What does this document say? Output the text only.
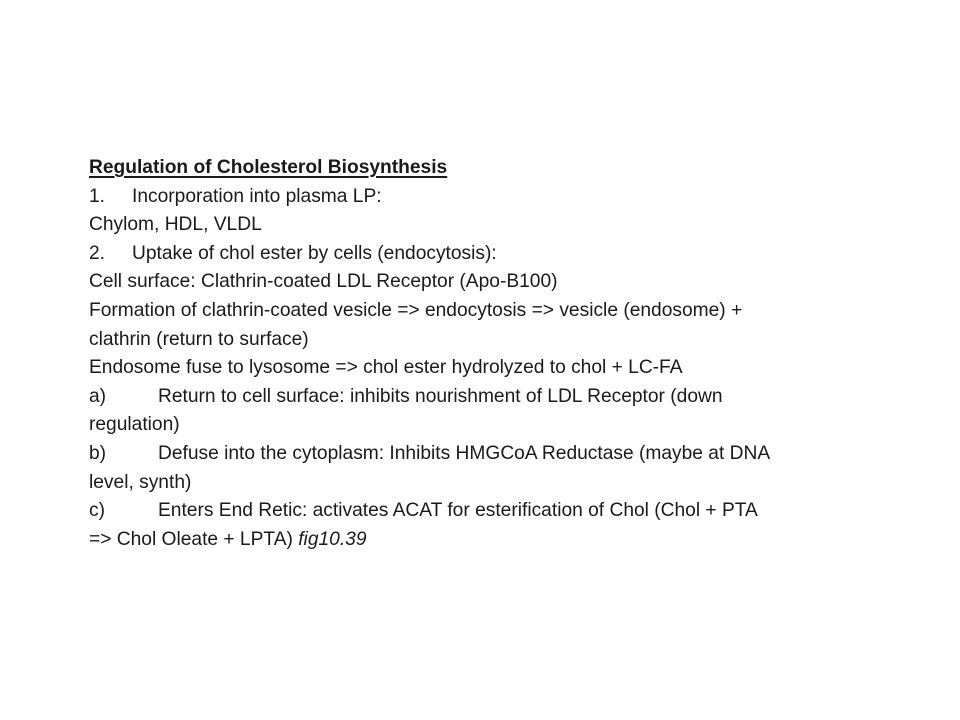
Regulation of Cholesterol Biosynthesis
1. Incorporation into plasma LP:
Chylom, HDL, VLDL
2. Uptake of chol ester by cells (endocytosis):
Cell surface: Clathrin-coated LDL Receptor (Apo-B100)
Formation of clathrin-coated vesicle => endocytosis => vesicle (endosome) +
clathrin (return to surface)
Endosome fuse to lysosome => chol ester hydrolyzed to chol + LC-FA
a)	Return to cell surface: inhibits nourishment of LDL Receptor (down
regulation)
b)	Defuse into the cytoplasm: Inhibits HMGCoA Reductase (maybe at DNA
level, synth)
c)	Enters End Retic: activates ACAT for esterification of Chol (Chol + PTA
=> Chol Oleate + LPTA) fig10.39
